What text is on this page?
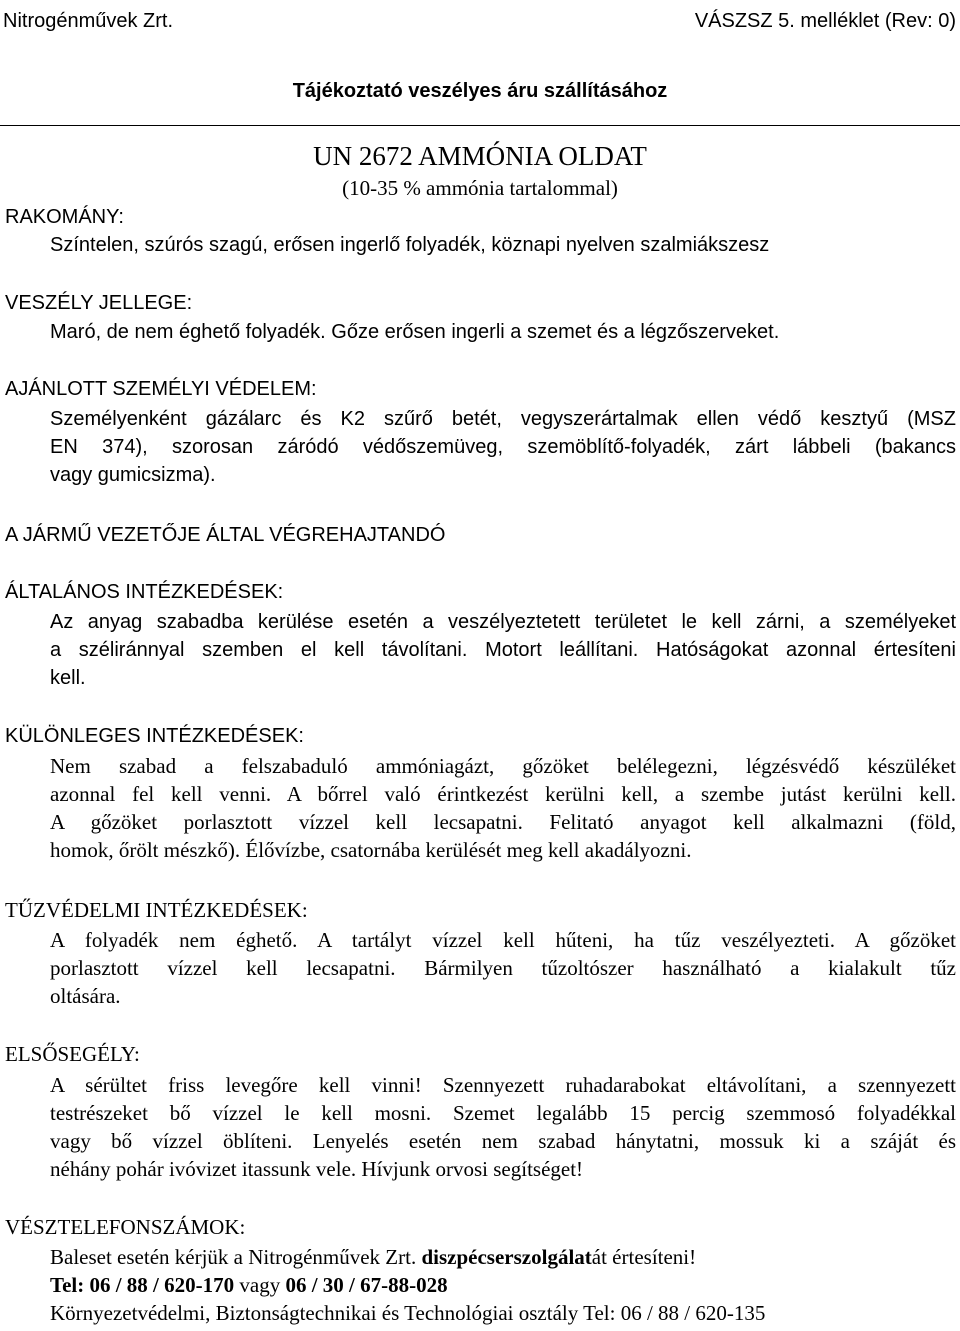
Nitrogénművek Zrt.	VÁSZSZ 5. melléklet (Rev: 0)
Tájékoztató veszélyes áru szállításához
UN 2672 AMMÓNIA OLDAT
(10-35 % ammónia tartalommal)
RAKOMÁNY:
Színtelen, szúrós szagú, erősen ingerlő folyadék, köznapi nyelven szalmiákszesz
VESZÉLY JELLEGE:
Maró, de nem éghető folyadék. Gőze erősen ingerli a szemet és a légzőszerveket.
AJÁNLOTT SZEMÉLYI VÉDELEM:
Személyenként gázálarc és K2 szűrő betét, vegyszerártalmak ellen védő kesztyű (MSZ
EN 374), szorosan záródó védőszemüveg, szemöblítő-folyadék, zárt lábbeli (bakancs
vagy gumicsizma).
A JÁRMŰ VEZETŐJE ÁLTAL VÉGREHAJTANDÓ
ÁLTALÁNOS INTÉZKEDÉSEK:
Az anyag szabadba kerülése esetén a veszélyeztetett területet le kell zárni, a személyeket
a széliránnyal szemben el kell távolítani. Motort leállítani. Hatóságokat azonnal értesíteni
kell.
KÜLÖNLEGES INTÉZKEDÉSEK:
Nem szabad a felszabaduló ammóniagázt, gőzöket belélegezni, légzésvédő készüléket
azonnal fel kell venni. A bőrrel való érintkezést kerülni kell, a szembe jutást kerülni kell.
A gőzöket porlasztott vízzel kell lecsapatni. Felitató anyagot kell alkalmazni (föld,
homok, őrölt mészkő). Élővízbe, csatornába kerülését meg kell akadályozni.
TŰZVÉDELMI INTÉZKEDÉSEK:
A folyadék nem éghető. A tartályt vízzel kell hűteni, ha tűz veszélyezteti. A gőzöket
porlasztott vízzel kell lecsapatni. Bármilyen tűzoltószer használható a kialakult tűz
oltására.
ELSŐSEGÉLY:
A sérültet friss levegőre kell vinni! Szennyezett ruhadarabokat eltávolítani, a szennyezett
testrészeket bő vízzel le kell mosni. Szemet legalább 15 percig szemmosó folyadékkal
vagy bő vízzel öblíteni. Lenyelés esetén nem szabad hánytatni, mossuk ki a száját és
néhány pohár ivóvizet itassunk vele. Hívjunk orvosi segítséget!
VÉSZTELEFONSZÁMOK:
Baleset esetén kérjük a Nitrogénművek Zrt. diszpécserszolgálatát értesíteni!
Tel: 06 / 88 / 620-170 vagy 06 / 30 / 67-88-028
Környezetvédelmi, Biztonságtechnikai és Technológiai osztály Tel: 06 / 88 / 620-135
